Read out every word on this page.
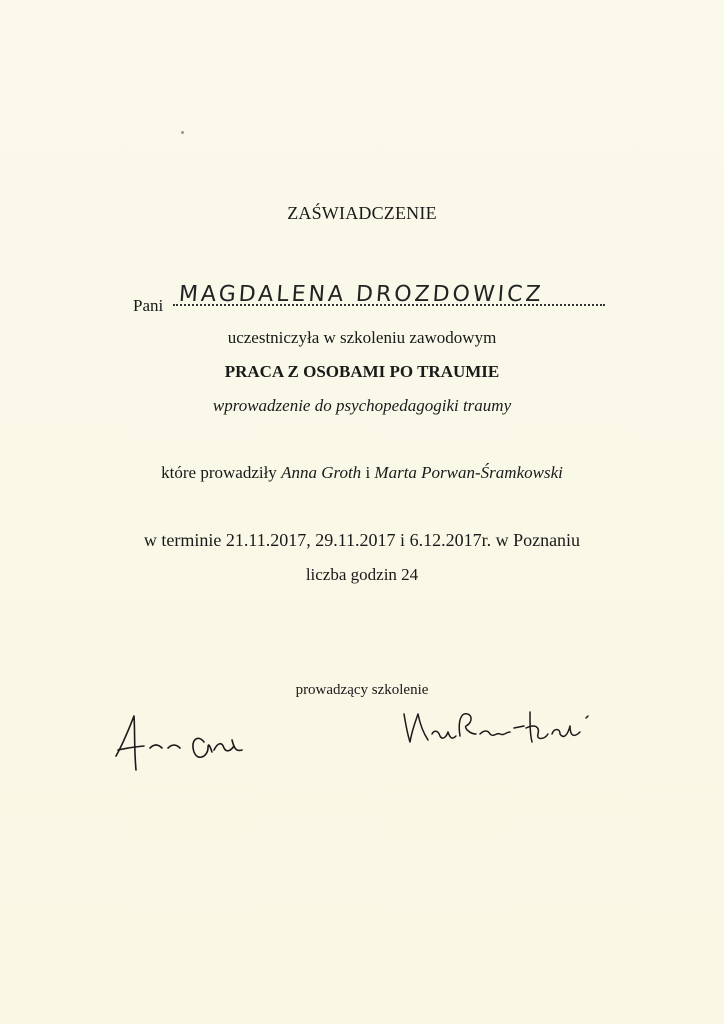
ZAŚWIADCZENIE
Pani MAGDALENA DROZDOWICZ
uczestniczyła w szkoleniu zawodowym
PRACA Z OSOBAMI PO TRAUMIE
wprowadzenie do psychopedagogiki traumy
które prowadziły Anna Groth i Marta Porwan-Śramkowski
w terminie 21.11.2017, 29.11.2017 i 6.12.2017r. w Poznaniu
liczba godzin 24
prowadzący szkolenie
